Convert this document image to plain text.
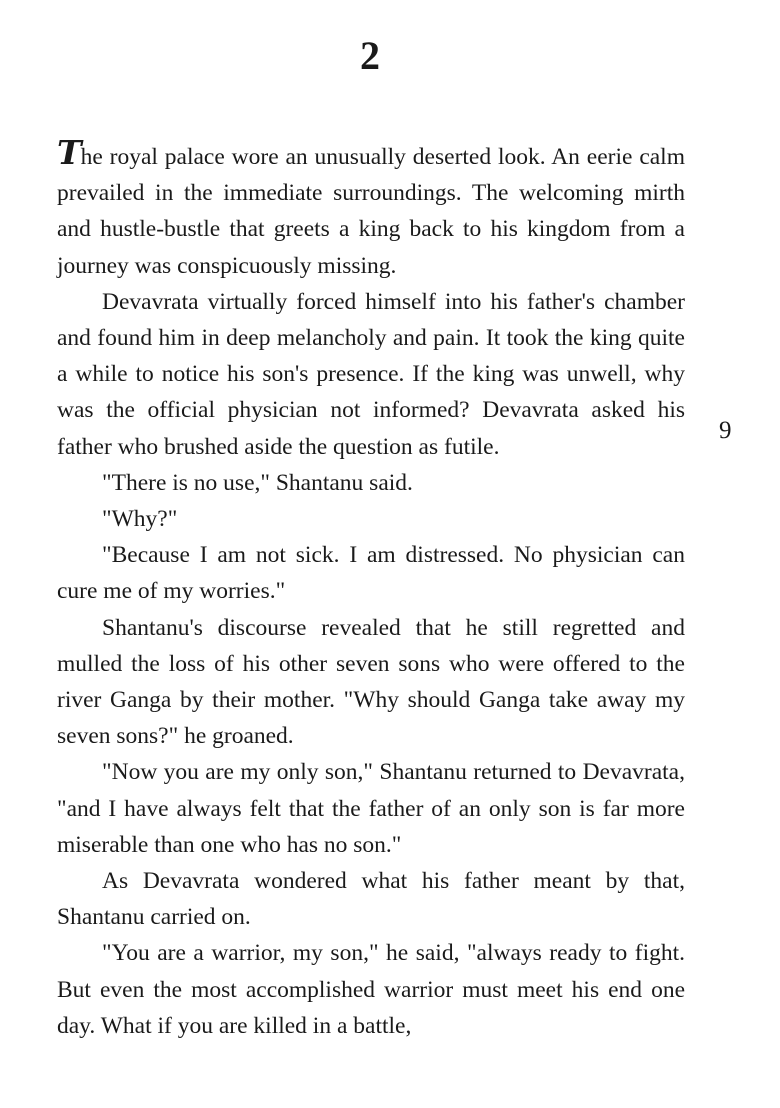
2
9

The royal palace wore an unusually deserted look. An eerie calm prevailed in the immediate surroundings. The welcoming mirth and hustle-bustle that greets a king back to his kingdom from a journey was conspicuously missing.

Devavrata virtually forced himself into his father's chamber and found him in deep melancholy and pain. It took the king quite a while to notice his son's presence. If the king was unwell, why was the official physician not informed? Devavrata asked his father who brushed aside the question as futile.

"There is no use," Shantanu said.

"Why?"

"Because I am not sick. I am distressed. No physician can cure me of my worries."

Shantanu's discourse revealed that he still regretted and mulled the loss of his other seven sons who were offered to the river Ganga by their mother. "Why should Ganga take away my seven sons?" he groaned.

"Now you are my only son," Shantanu returned to Devavrata, "and I have always felt that the father of an only son is far more miserable than one who has no son."

As Devavrata wondered what his father meant by that, Shantanu carried on.

"You are a warrior, my son," he said, "always ready to fight. But even the most accomplished warrior must meet his end one day. What if you are killed in a battle,
